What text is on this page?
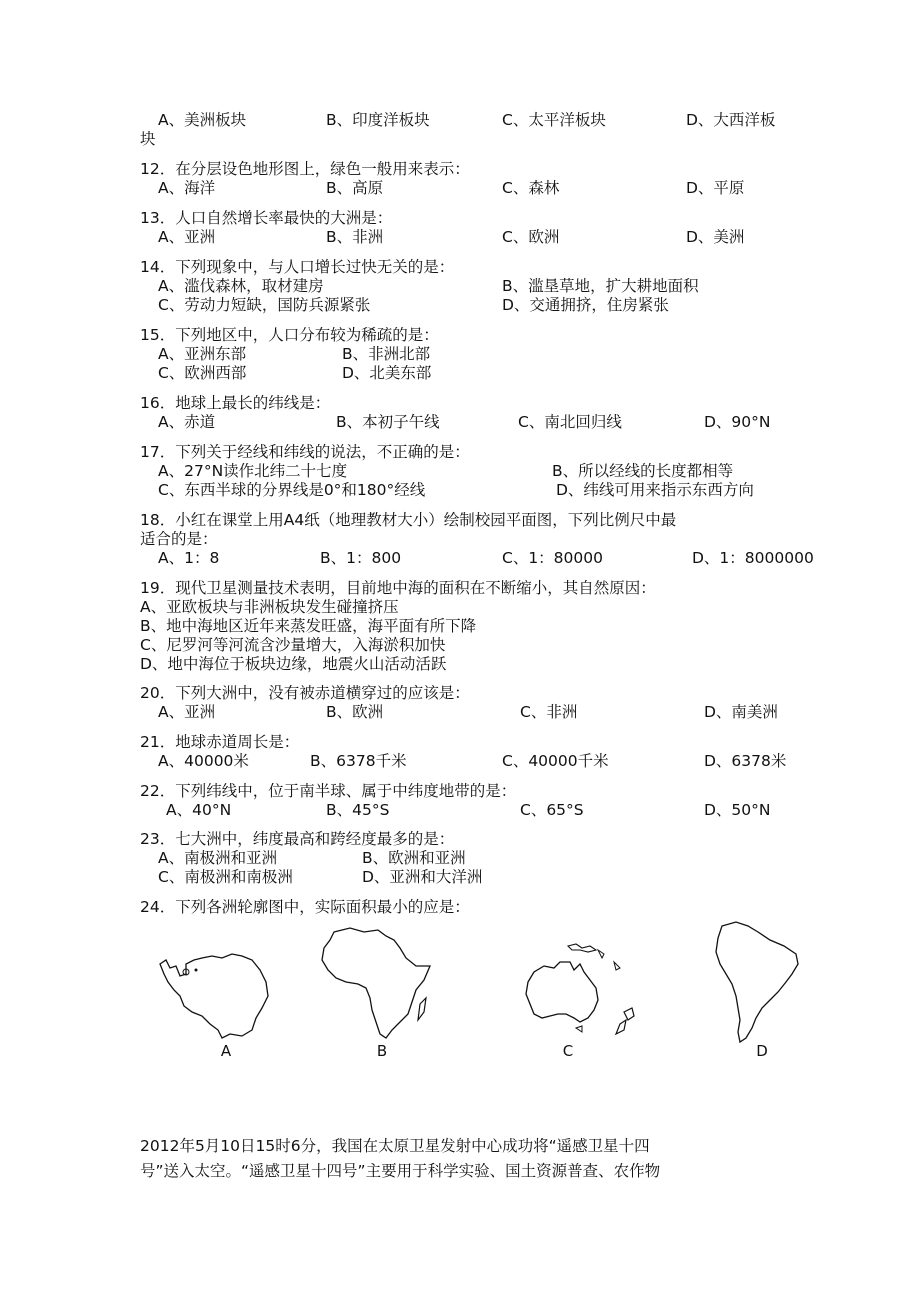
A、美洲板块	B、印度洋板块	C、太平洋板块	D、大西洋板
块
12．在分层设色地形图上，绿色一般用来表示：
A、海洋	B、高原	C、森林	D、平原
13．人口自然增长率最快的大洲是：
A、亚洲	B、非洲	C、欧洲	D、美洲
14．下列现象中，与人口增长过快无关的是：
A、滥伐森林，取材建房	B、滥垦草地，扩大耕地面积
C、劳动力短缺，国防兵源紧张	D、交通拥挤，住房紧张
15．下列地区中，人口分布较为稀疏的是：
A、亚洲东部	B、非洲北部
C、欧洲西部	D、北美东部
16．地球上最长的纬线是：
A、赤道	B、本初子午线	C、南北回归线	D、90°N
17．下列关于经线和纬线的说法，不正确的是：
A、27°N读作北纬二十七度	B、所以经线的长度都相等
C、东西半球的分界线是0°和180°经线	D、纬线可用来指示东西方向
18．小红在课堂上用A4纸（地理教材大小）绘制校园平面图，下列比例尺中最
适合的是：
A、1：8	B、1：800	C、1：80000	D、1：8000000
19．现代卫星测量技术表明，目前地中海的面积在不断缩小，其自然原因：
A、亚欧板块与非洲板块发生碰撞挤压
B、地中海地区近年来蒸发旺盛，海平面有所下降
C、尼罗河等河流含沙量增大，入海淤积加快
D、地中海位于板块边缘，地震火山活动活跃
20．下列大洲中，没有被赤道横穿过的应该是：
A、亚洲	B、欧洲	C、非洲	D、南美洲
21．地球赤道周长是：
A、40000米	B、6378千米	C、40000千米	D、6378米
22．下列纬线中，位于南半球、属于中纬度地带的是：
A、40°N	B、45°S	C、65°S	D、50°N
23．七大洲中，纬度最高和跨经度最多的是：
A、南极洲和亚洲	B、欧洲和亚洲
C、南极洲和南极洲	D、亚洲和大洋洲
24．下列各洲轮廓图中，实际面积最小的应是：
A	B	C	D
2012年5月10日15时6分，我国在太原卫星发射中心成功将“遥感卫星十四
号”送入太空。“遥感卫星十四号”主要用于科学实验、国土资源普查、农作物
